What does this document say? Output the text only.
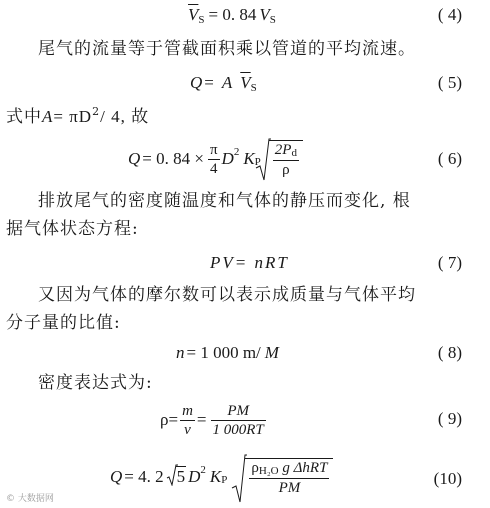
$\overline{V}S = 0$. 84 VS	( 4)
尾气的流量等于管截面积乘以管道的平均流速。
Q = A $\overline{V}S$	( 5)
式中$A= \pi D^2/$ 4, 故
Q = 0. $84 \times \frac{\pi}{4}$ D 2 K P $\frac{2Pd}{\rho}$	( 6)
排放尾气的密度随温度和气体的静压而变化, 根
据气体状态方程:
PV= nRT	( 7)
又因为气体的摩尔数可以表示成质量与气体平均
分子量的比值:
n = 1 000 m/ M	( 8)
密度表达式为:
$\rho= \frac{m}{v} = \frac{PM}{1 000RT}$	( 9)
Q = 4. 2 5 D 2 K P $\frac{\text{ρH₂O g ΔhRT}}{PM}$	(10)
© 大数据网
